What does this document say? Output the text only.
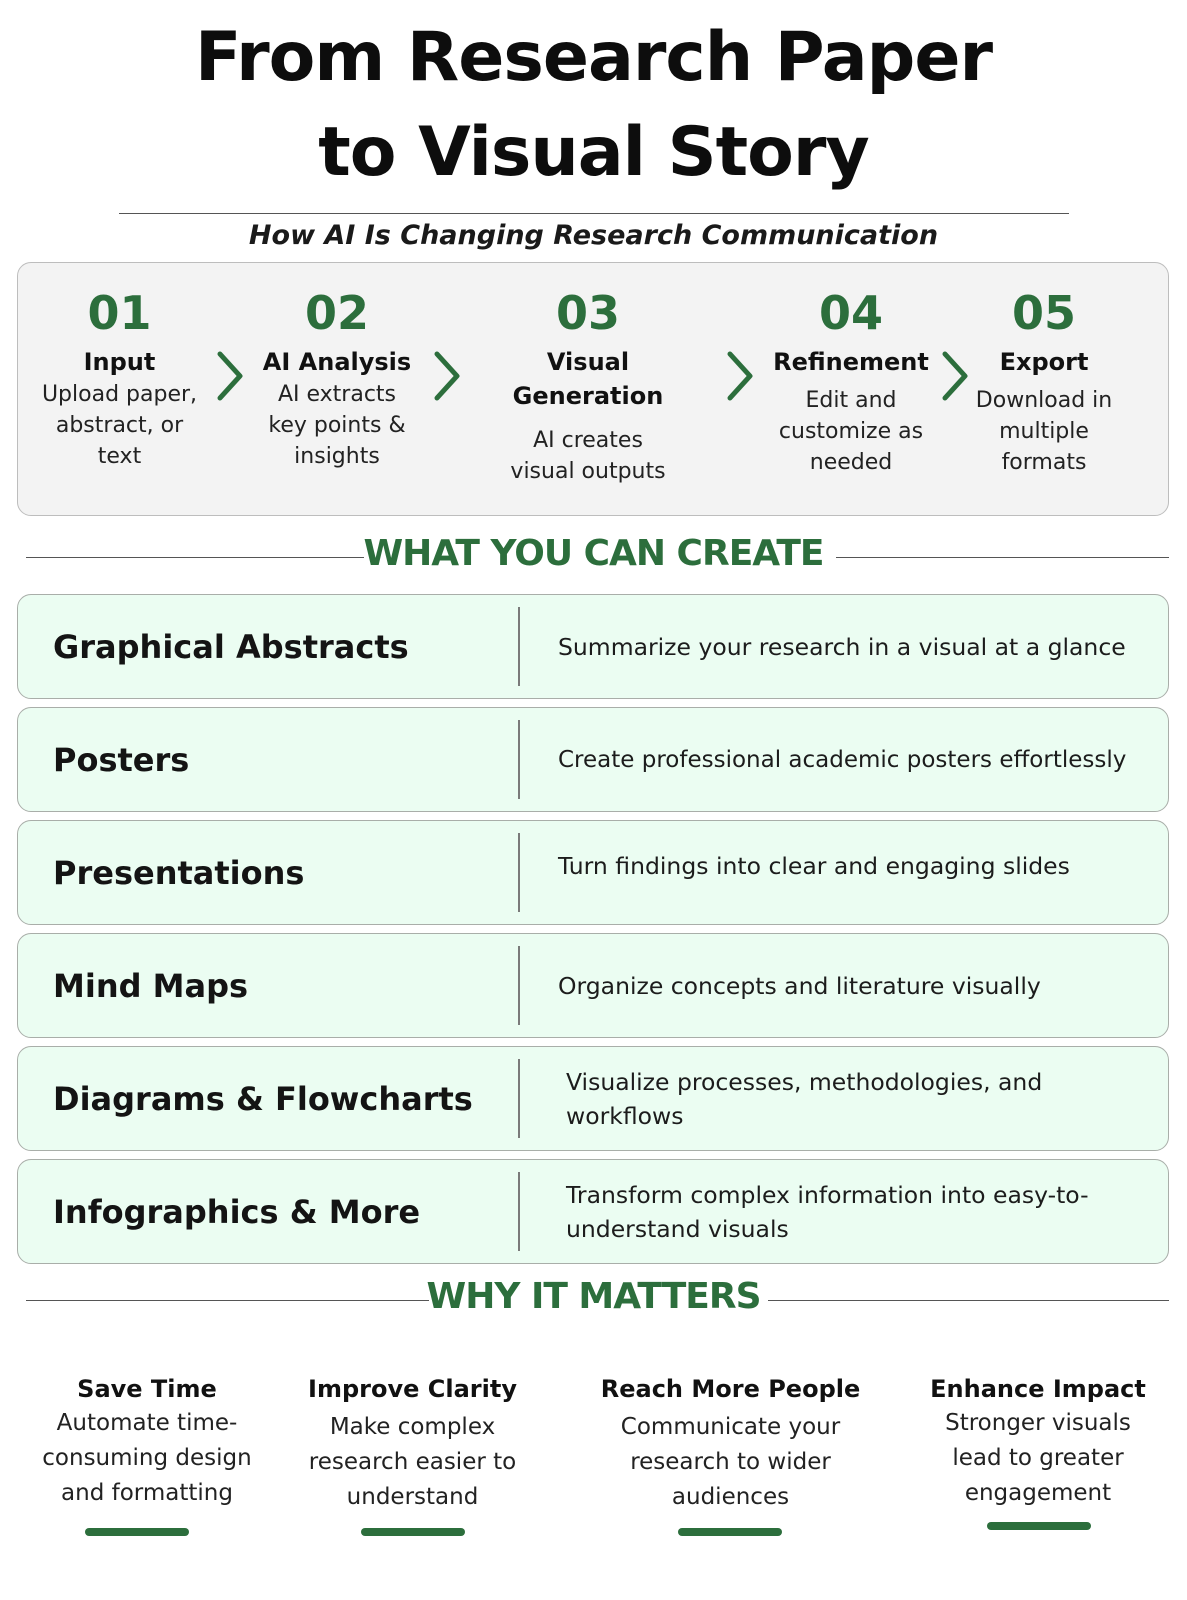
From Research Paper
to Visual Story
How AI Is Changing Research Communication
01
Input
Upload paper, abstract, or text
02
AI Analysis
AI extracts key points & insights
03
Visual Generation
AI creates visual outputs
04
Refinement
Edit and customize as needed
05
Export
Download in multiple formats
WHAT YOU CAN CREATE
Graphical Abstracts	Summarize your research in a visual at a glance
Posters	Create professional academic posters effortlessly
Presentations	Turn findings into clear and engaging slides
Mind Maps	Organize concepts and literature visually
Diagrams & Flowcharts	Visualize processes, methodologies, and workflows
Infographics & More	Transform complex information into easy-to-understand visuals
WHY IT MATTERS
Save Time
Automate time-consuming design and formatting
Improve Clarity
Make complex research easier to understand
Reach More People
Communicate your research to wider audiences
Enhance Impact
Stronger visuals lead to greater engagement
